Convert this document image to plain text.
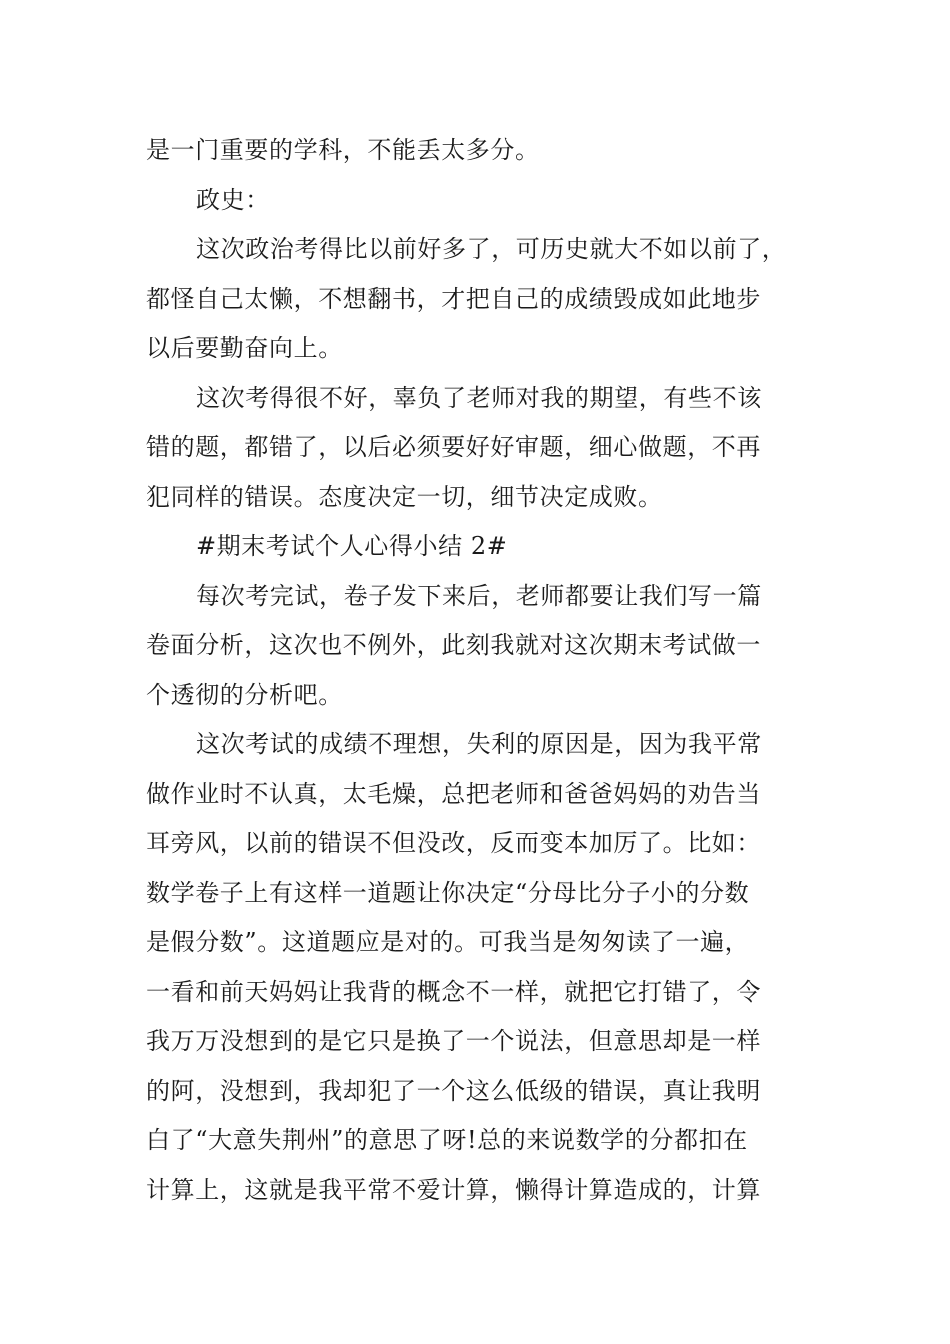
是一门重要的学科，不能丢太多分。
政史：
这次政治考得比以前好多了，可历史就大不如以前了，
都怪自己太懒，不想翻书，才把自己的成绩毁成如此地步
以后要勤奋向上。
这次考得很不好，辜负了老师对我的期望，有些不该
错的题，都错了，以后必须要好好审题，细心做题，不再
犯同样的错误。态度决定一切，细节决定成败。
#期末考试个人心得小结 2#
每次考完试，卷子发下来后，老师都要让我们写一篇
卷面分析，这次也不例外，此刻我就对这次期末考试做一
个透彻的分析吧。
这次考试的成绩不理想，失利的原因是，因为我平常
做作业时不认真，太毛燥，总把老师和爸爸妈妈的劝告当
耳旁风，以前的错误不但没改，反而变本加厉了。比如：
数学卷子上有这样一道题让你决定“分母比分子小的分数
是假分数”。这道题应是对的。可我当是匆匆读了一遍，
一看和前天妈妈让我背的概念不一样，就把它打错了，令
我万万没想到的是它只是换了一个说法，但意思却是一样
的阿，没想到，我却犯了一个这么低级的错误，真让我明
白了“大意失荆州”的意思了呀!总的来说数学的分都扣在
计算上，这就是我平常不爱计算，懒得计算造成的，计算
